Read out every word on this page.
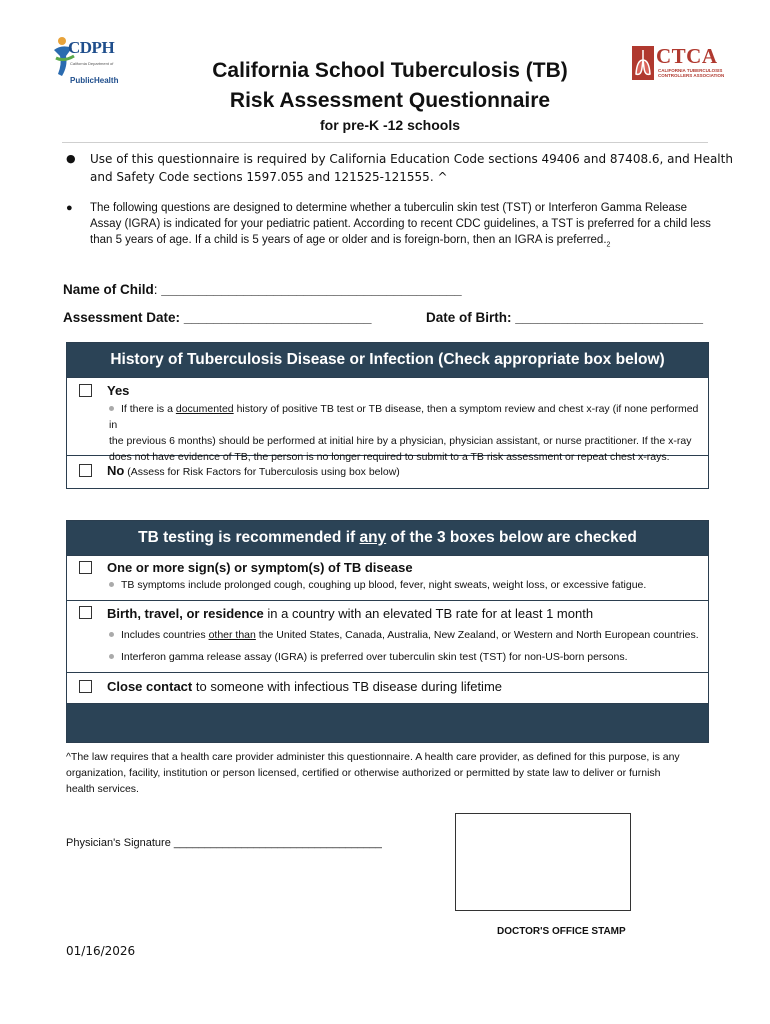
CDPH
California Department of
PublicHealth
CTCA
CALIFORNIA TUBERCULOSIS CONTROLLERS ASSOCIATION
California School Tuberculosis (TB)
Risk Assessment Questionnaire
for pre-K -12 schools
● Use of this questionnaire is required by California Education Code sections 49406 and 87408.6, and Health and Safety Code sections 1597.055 and 121525-121555. ^
● The following questions are designed to determine whether a tuberculin skin test (TST) or Interferon Gamma Release Assay (IGRA) is indicated for your pediatric patient. According to recent CDC guidelines, a TST is preferred for a child less than 5 years of age. If a child is 5 years of age or older and is foreign-born, then an IGRA is $preferred._2$
Name of Child: ________________________________________
Assessment Date: _________________________	Date of Birth: _________________________
History of Tuberculosis Disease or Infection (Check appropriate box below)
Yes
If there is a documented history of positive TB test or TB disease, then a symptom review and chest x-ray (if none performed in
the previous 6 months) should be performed at initial hire by a physician, physician assistant, or nurse practitioner. If the x-ray
does not have evidence of TB, the person is no longer required to submit to a TB risk assessment or repeat chest x-rays.
No (Assess for Risk Factors for Tuberculosis using box below)
TB testing is recommended if any of the 3 boxes below are checked
One or more sign(s) or symptom(s) of TB disease
TB symptoms include prolonged cough, coughing up blood, fever, night sweats, weight loss, or excessive fatigue.
Birth, travel, or residence in a country with an elevated TB rate for at least 1 month
Includes countries other than the United States, Canada, Australia, New Zealand, or Western and North European countries.
Interferon gamma release assay (IGRA) is preferred over tuberculin skin test (TST) for non-US-born persons.
Close contact to someone with infectious TB disease during lifetime
^The law requires that a health care provider administer this questionnaire. A health care provider, as defined for this purpose, is any organization, facility, institution or person licensed, certified or otherwise authorized or permitted by state law to deliver or furnish health services.
Physician's Signature __________________________________
DOCTOR'S OFFICE STAMP
01/16/2026
